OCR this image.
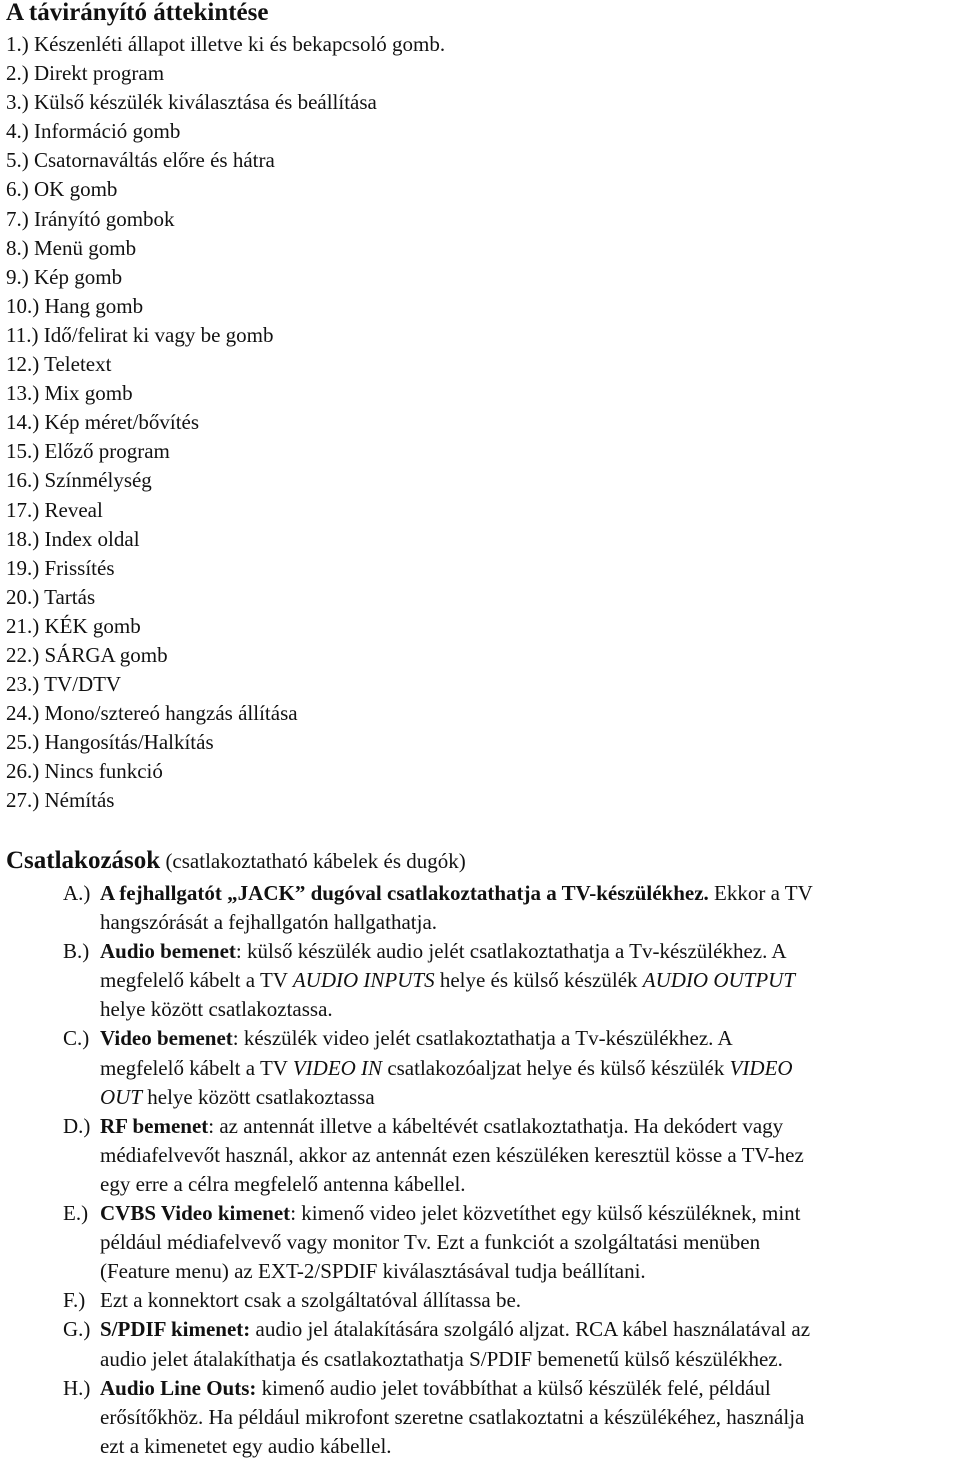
A távirányító áttekintése
1.) Készenléti állapot illetve ki és bekapcsoló gomb.
2.) Direkt program
3.) Külső készülék kiválasztása és beállítása
4.) Információ gomb
5.) Csatornaváltás előre és hátra
6.) OK gomb
7.) Irányító gombok
8.) Menü gomb
9.) Kép gomb
10.) Hang gomb
11.) Idő/felirat ki vagy be gomb
12.) Teletext
13.) Mix gomb
14.) Kép méret/bővítés
15.) Előző program
16.) Színmélység
17.) Reveal
18.) Index oldal
19.) Frissítés
20.) Tartás
21.) KÉK gomb
22.) SÁRGA gomb
23.) TV/DTV
24.) Mono/sztereó hangzás állítása
25.) Hangosítás/Halkítás
26.) Nincs funkció
27.) Némítás
Csatlakozások (csatlakoztatható kábelek és dugók)
A.) A fejhallgatót „JACK” dugóval csatlakoztathatja a TV-készülékhez. Ekkor a TV
hangszórását a fejhallgatón hallgathatja.
B.) Audio bemenet: külső készülék audio jelét csatlakoztathatja a Tv-készülékhez. A
megfelelő kábelt a TV AUDIO INPUTS helye és külső készülék AUDIO OUTPUT
helye között csatlakoztassa.
C.) Video bemenet: készülék video jelét csatlakoztathatja a Tv-készülékhez. A
megfelelő kábelt a TV VIDEO IN csatlakozóaljzat helye és külső készülék VIDEO
OUT helye között csatlakoztassa
D.) RF bemenet: az antennát illetve a kábeltévét csatlakoztathatja. Ha dekódert vagy
médiafelvevőt használ, akkor az antennát ezen készüléken keresztül kösse a TV-hez
egy erre a célra megfelelő antenna kábellel.
E.) CVBS Video kimenet: kimenő video jelet közvetíthet egy külső készüléknek, mint
például médiafelvevő vagy monitor Tv. Ezt a funkciót a szolgáltatási menüben
(Feature menu) az EXT-2/SPDIF kiválasztásával tudja beállítani.
F.) Ezt a konnektort csak a szolgáltatóval állítassa be.
G.) S/PDIF kimenet: audio jel átalakítására szolgáló aljzat. RCA kábel használatával az
audio jelet átalakíthatja és csatlakoztathatja S/PDIF bemenetű külső készülékhez.
H.) Audio Line Outs: kimenő audio jelet továbbíthat a külső készülék felé, például
erősítőkhöz. Ha például mikrofont szeretne csatlakoztatni a készülékéhez, használja
ezt a kimenetet egy audio kábellel.
